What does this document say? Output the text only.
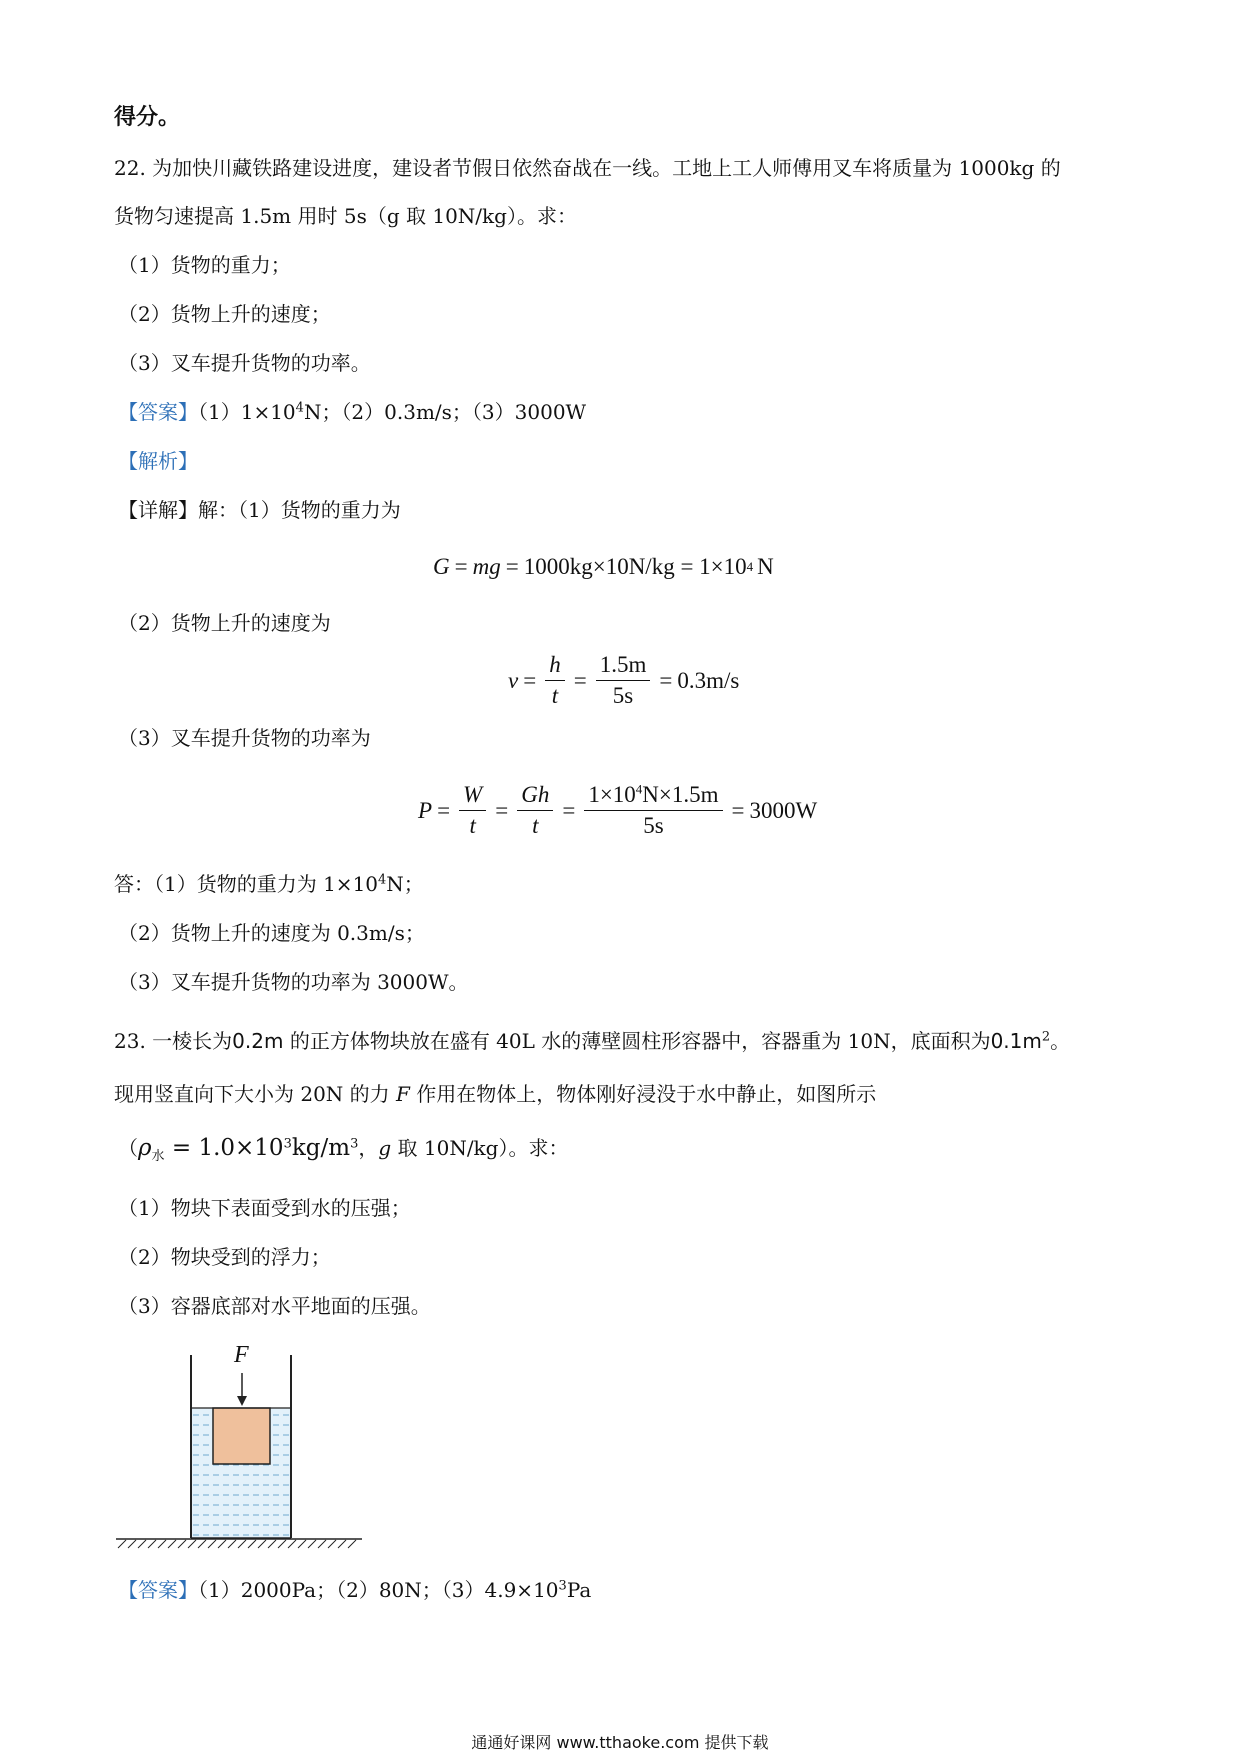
得分。
22. 为加快川藏铁路建设进度，建设者节假日依然奋战在一线。工地上工人师傅用叉车将质量为 1000kg 的
货物匀速提高 1.5m 用时 5s（g 取 10N/kg）。求：
（1）货物的重力；
（2）货物上升的速度；
（3）叉车提升货物的功率。
【答案】$(1)1\times 10^4N$；（2）0.3m/s；（3）3000W
【解析】
【详解】解：（1）货物的重力为
G = mg = 1000kg×10N/kg = 1×10 4 N
（2）货物上升的速度为
$v = \frac{h}{t} = \frac{1.5m}{5s} = 0.3m/s$
（3）叉车提升货物的功率为
$P = \frac{W}{t} = \frac{Gh}{t} = \frac{1\times 10^4N\times 1.5m}{5s} = 3000W$
答：（1）货物的重力为 $1\times 10^4N$；
（2）货物上升的速度为 0.3m/s；
（3）叉车提升货物的功率为 3000W。
23. 一棱长为0.2m 的正方体物块放在盛有 40L 水的薄壁圆柱形容器中，容器重为 10N，底面积为$0.1m^2$。
现用竖直向下大小为 20N 的力 F 作用在物体上，物体刚好浸没于水中静止，如图所示
（$\rho_水 = 1.0\times 10^3kg/m^3$，g 取 10N/kg）。求：
（1）物块下表面受到水的压强；
（2）物块受到的浮力；
（3）容器底部对水平地面的压强。
F
【答案】（1）2000Pa；（2）80N；$(3)4.9\times 10^3Pa$
通通好课网 www.tthaoke.com 提供下载
